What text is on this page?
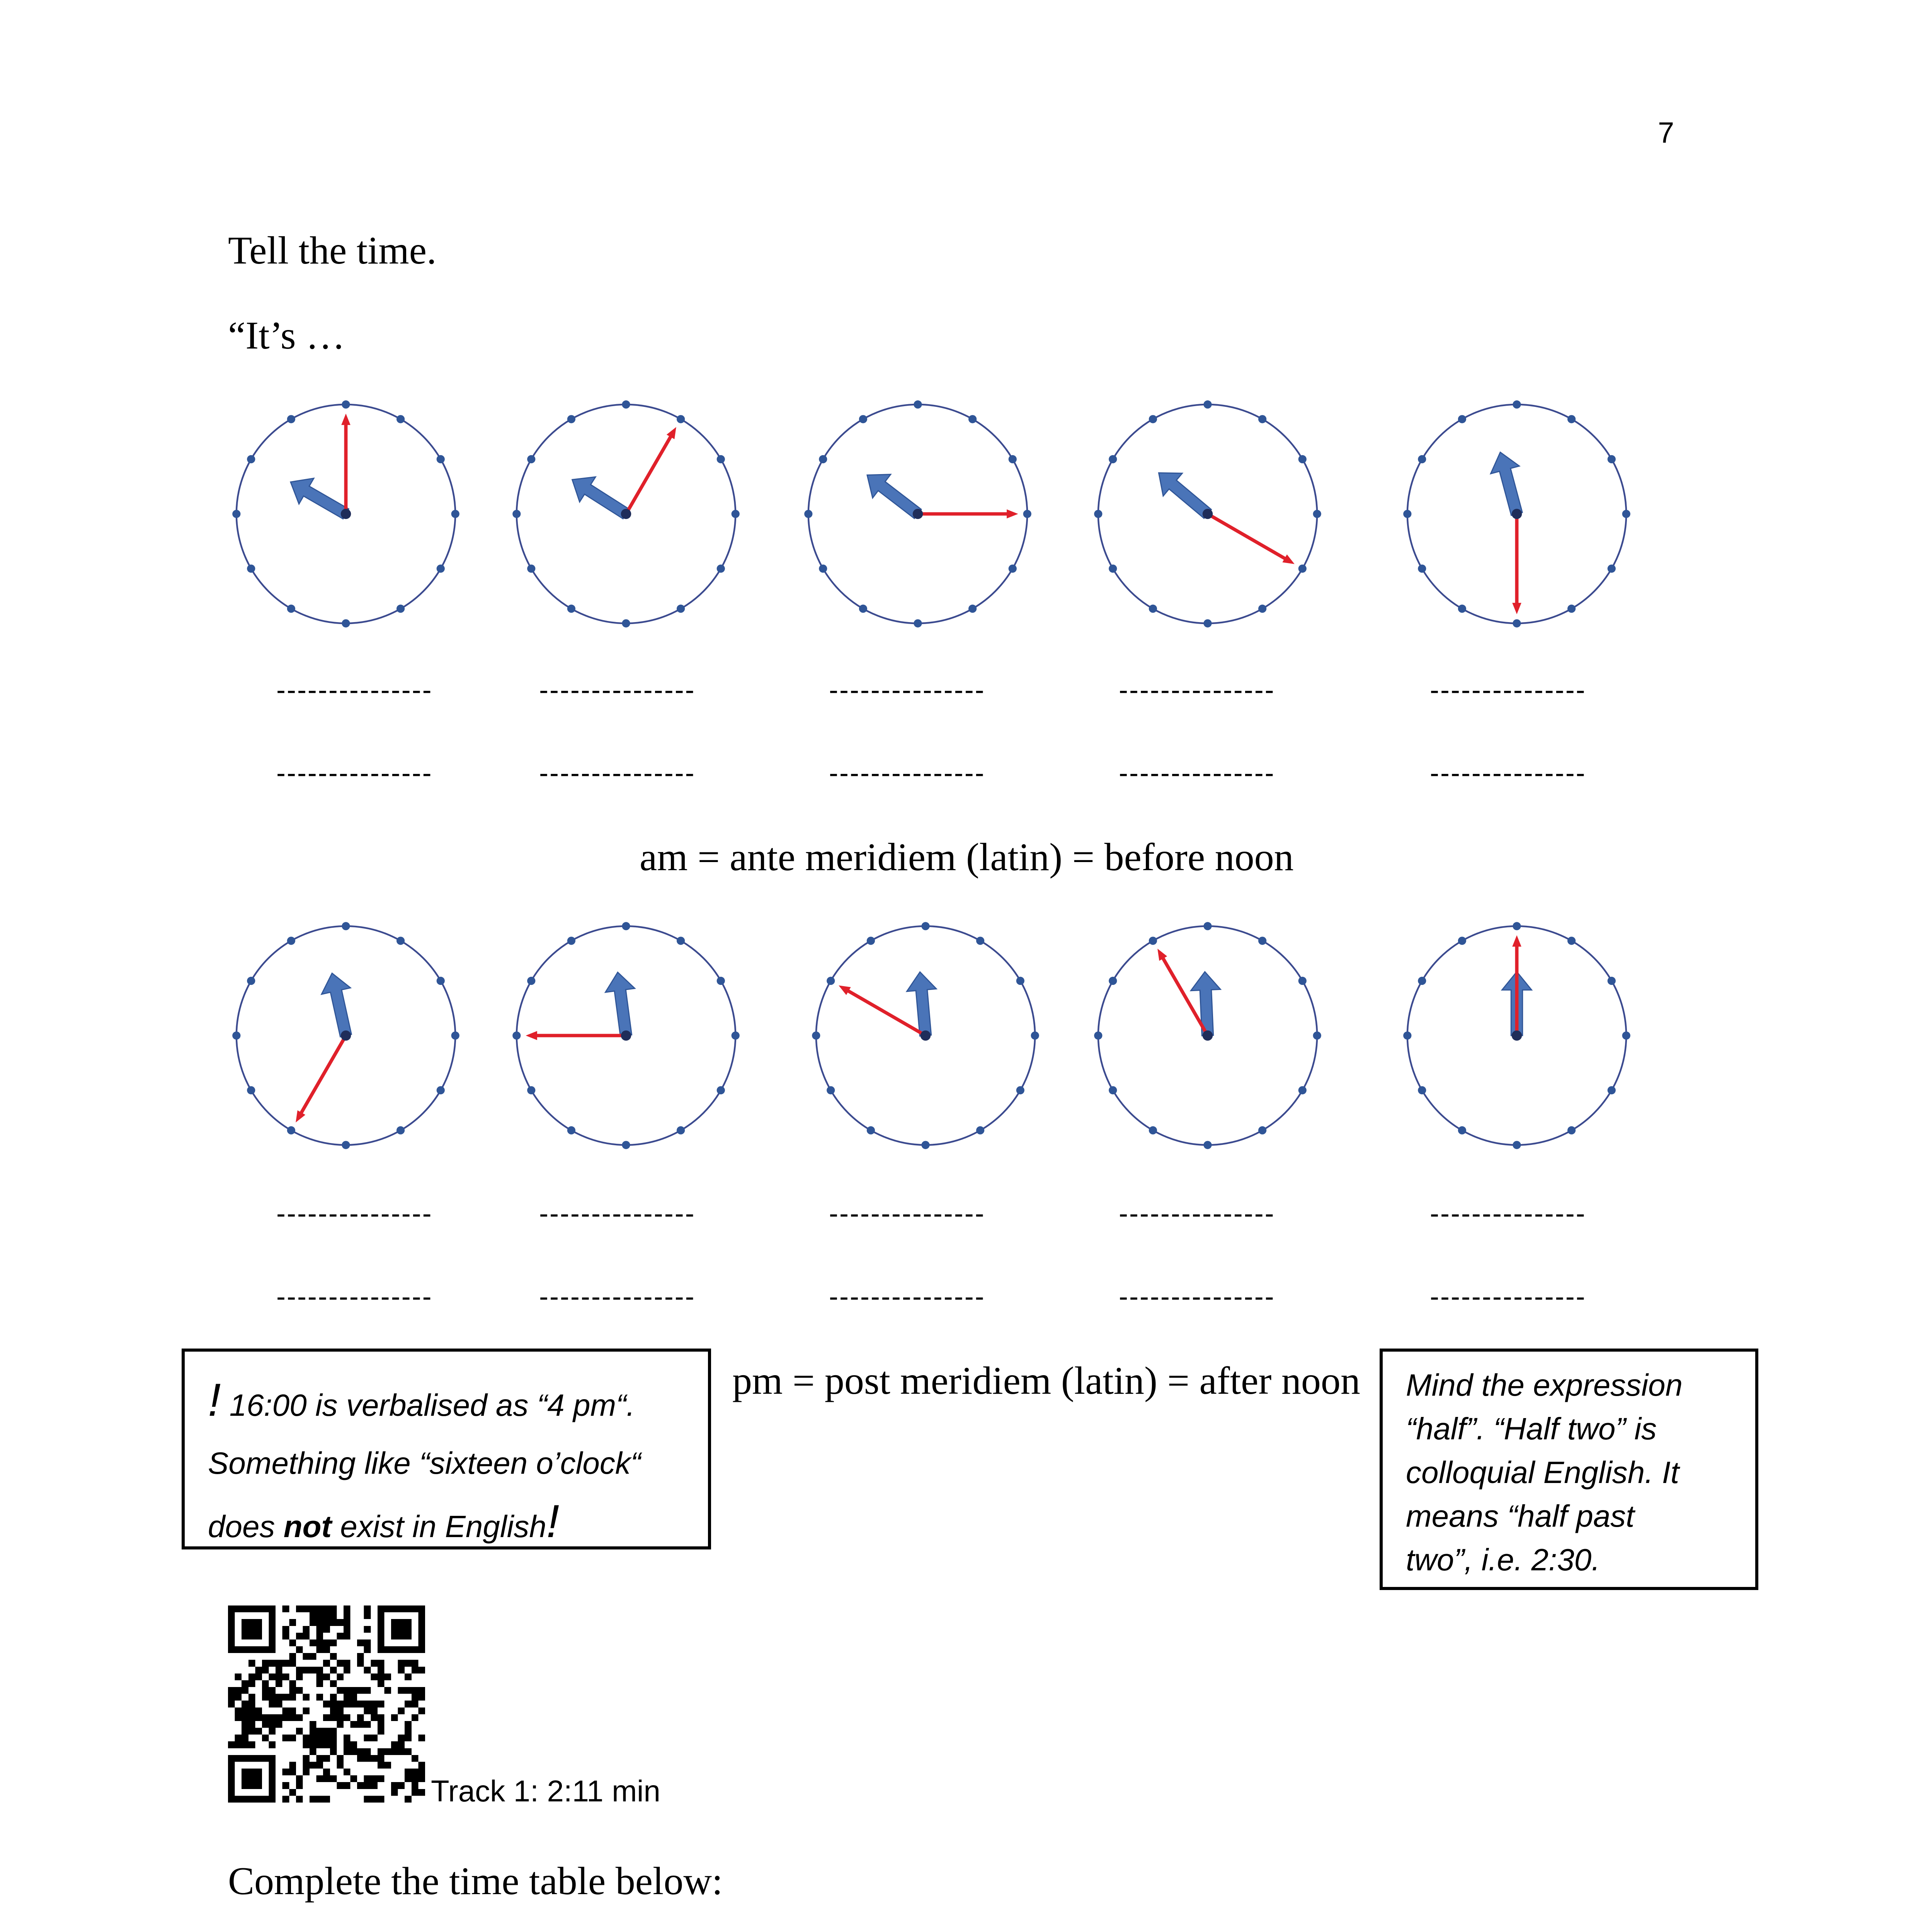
7
Tell the time.
“It’s …
---------------	---------------	---------------	---------------	---------------
---------------	---------------	---------------	---------------	---------------
am = ante meridiem (latin) = before noon
---------------	---------------	---------------	---------------	---------------
---------------	---------------	---------------	---------------	---------------

! 16:00 is verbalised as “4 pm“.

Something like “sixteen o’clock“

does not exist in English!

pm = post meridiem (latin) = after noon Mind the expression

“half”. “Half two” is

colloquial English. It

means “half past

two”, i.e. 2:30.

Track 1: 2:11 min
Complete the time table below:
